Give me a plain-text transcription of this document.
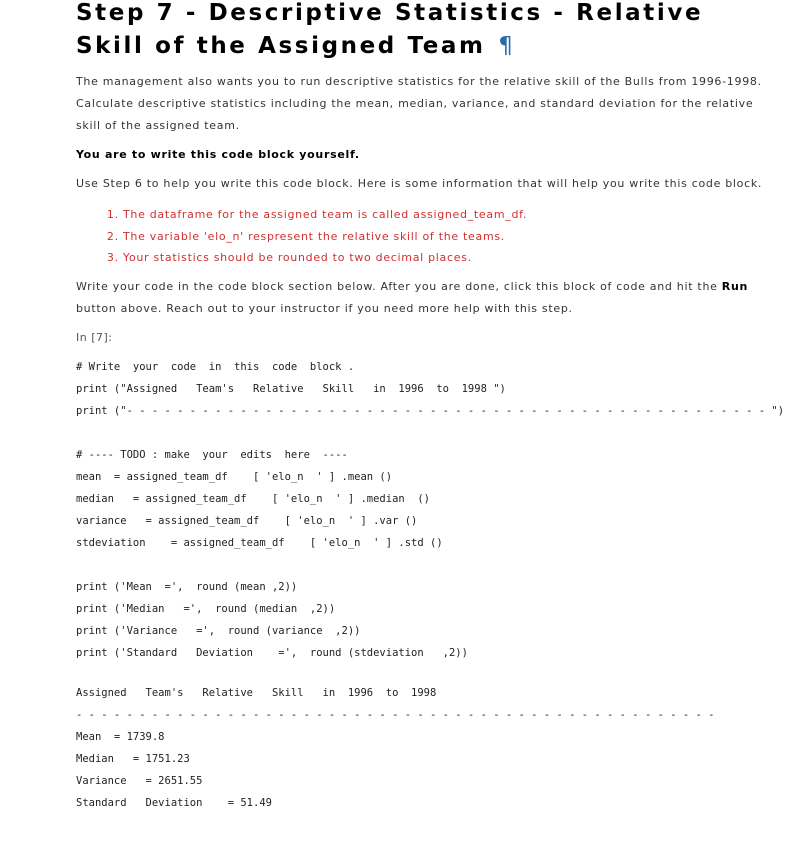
Step 7 - Descriptive Statistics - Relative
Skill of the Assigned Team ¶

The management also wants you to run descriptive statistics for the relative skill of the Bulls from 1996-1998. Calculate descriptive statistics including the mean, median, variance, and standard deviation for the relative skill of the assigned team.

You are to write this code block yourself.

Use Step 6 to help you write this code block. Here is some information that will help you write this code block.

1. The dataframe for the assigned team is called assigned_team_df.
2. The variable 'elo_n' respresent the relative skill of the teams.
3. Your statistics should be rounded to two decimal places.

Write your code in the code block section below. After you are done, click this block of code and hit the Run button above. Reach out to your instructor if you need more help with this step.

In [7]:
# Write  your  code  in  this  code  block .
print ("Assigned   Team's   Relative   Skill   in  1996  to  1998 ")
print ("- - - - - - - - - - - - - - - - - - - - - - - - - - - - - - - - - - - - - - - - - - - - - - - - - - - ")
# ---- TODO : make  your  edits  here  ----
mean  = assigned_team_df    [ 'elo_n  ' ] .mean ()
median   = assigned_team_df    [ 'elo_n  ' ] .median  ()
variance   = assigned_team_df    [ 'elo_n  ' ] .var ()
stdeviation    = assigned_team_df    [ 'elo_n  ' ] .std ()
print ('Mean  =',  round (mean ,2))
print ('Median   =',  round (median  ,2))
print ('Variance   =',  round (variance  ,2))
print ('Standard   Deviation    =',  round (stdeviation   ,2))
Assigned   Team's   Relative   Skill   in  1996  to  1998
- - - - - - - - - - - - - - - - - - - - - - - - - - - - - - - - - - - - - - - - - - - - - - - - - - -
Mean  = 1739.8
Median   = 1751.23
Variance   = 2651.55
Standard   Deviation    = 51.49
